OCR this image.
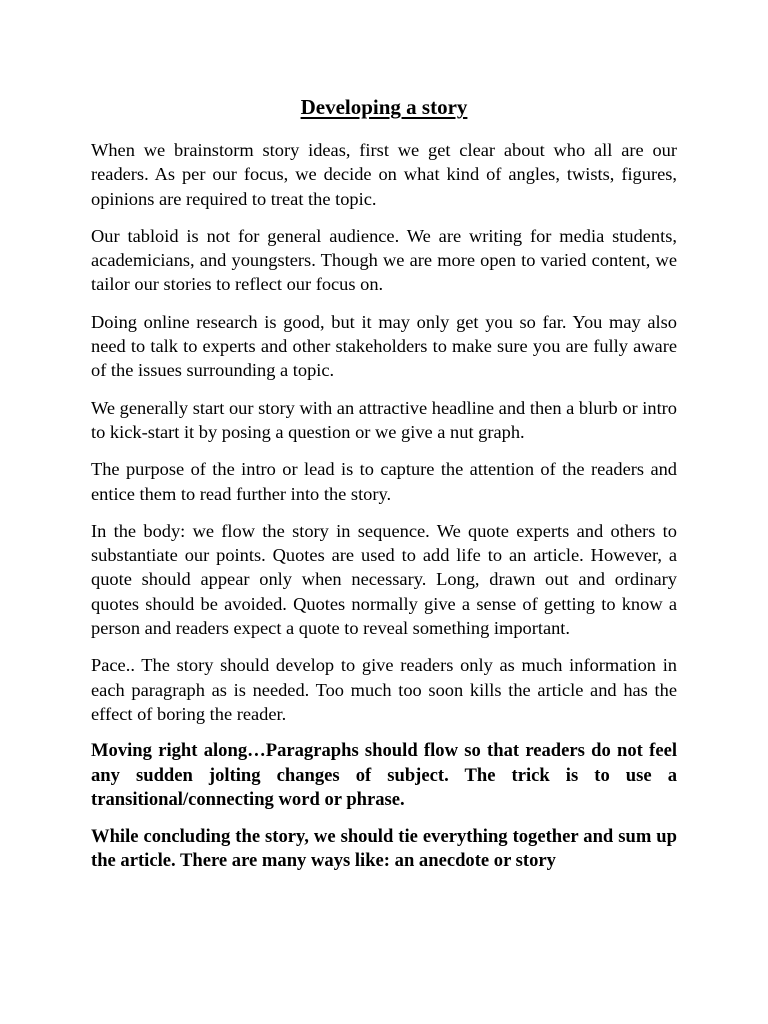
Developing a story

When we brainstorm story ideas, first we get clear about who all are our readers. As per our focus, we decide on what kind of angles, twists, figures, opinions are required to treat the topic.

Our tabloid is not for general audience. We are writing for media students, academicians, and youngsters. Though we are more open to varied content, we tailor our stories to reflect our focus on.

Doing online research is good, but it may only get you so far. You may also need to talk to experts and other stakeholders to make sure you are fully aware of the issues surrounding a topic.

We generally start our story with an attractive headline and then a blurb or intro to kick-start it by posing a question or we give a nut graph.

The purpose of the intro or lead is to capture the attention of the readers and entice them to read further into the story.

In the body: we flow the story in sequence. We quote experts and others to substantiate our points. Quotes are used to add life to an article. However, a quote should appear only when necessary. Long, drawn out and ordinary quotes should be avoided. Quotes normally give a sense of getting to know a person and readers expect a quote to reveal something important.

Pace.. The story should develop to give readers only as much information in each paragraph as is needed. Too much too soon kills the article and has the effect of boring the reader.

Moving right along…Paragraphs should flow so that readers do not feel any sudden jolting changes of subject. The trick is to use a transitional/connecting word or phrase.

While concluding the story, we should tie everything together and sum up the article. There are many ways like: an anecdote or story
